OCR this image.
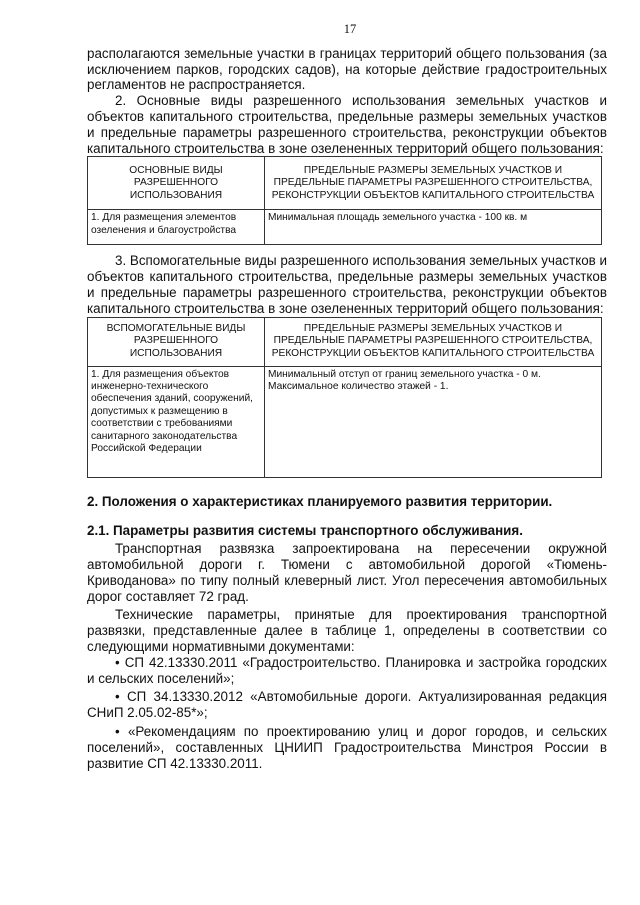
17

располагаются земельные участки в границах территорий общего пользования (за исключением парков, городских садов), на которые действие градостроительных регламентов не распространяется.

2. Основные виды разрешенного использования земельных участков и объектов капитального строительства, предельные размеры земельных участков и предельные параметры разрешенного строительства, реконструкции объектов капитального строительства в зоне озелененных территорий общего пользования:

ОСНОВНЫЕ ВИДЫ РАЗРЕШЕННОГО ИСПОЛЬЗОВАНИЯ	ПРЕДЕЛЬНЫЕ РАЗМЕРЫ ЗЕМЕЛЬНЫХ УЧАСТКОВ И ПРЕДЕЛЬНЫЕ ПАРАМЕТРЫ РАЗРЕШЕННОГО СТРОИТЕЛЬСТВА, РЕКОНСТРУКЦИИ ОБЪЕКТОВ КАПИТАЛЬНОГО СТРОИТЕЛЬСТВА
1. Для размещения элементов озеленения и благоустройства	Минимальная площадь земельного участка - 100 кв. м

3. Вспомогательные виды разрешенного использования земельных участков и объектов капитального строительства, предельные размеры земельных участков и предельные параметры разрешенного строительства, реконструкции объектов капитального строительства в зоне озелененных территорий общего пользования:

ВСПОМОГАТЕЛЬНЫЕ ВИДЫ РАЗРЕШЕННОГО ИСПОЛЬЗОВАНИЯ	ПРЕДЕЛЬНЫЕ РАЗМЕРЫ ЗЕМЕЛЬНЫХ УЧАСТКОВ И ПРЕДЕЛЬНЫЕ ПАРАМЕТРЫ РАЗРЕШЕННОГО СТРОИТЕЛЬСТВА, РЕКОНСТРУКЦИИ ОБЪЕКТОВ КАПИТАЛЬНОГО СТРОИТЕЛЬСТВА
1. Для размещения объектов инженерно-технического обеспечения зданий, сооружений, допустимых к размещению в соответствии с требованиями санитарного законодательства Российской Федерации	Минимальный отступ от границ земельного участка - 0 м.
Максимальное количество этажей - 1.

2. Положения о характеристиках планируемого развития территории.

2.1. Параметры развития системы транспортного обслуживания.

Транспортная развязка запроектирована на пересечении окружной автомобильной дороги г. Тюмени с автомобильной дорогой «Тюмень-Криводанова» по типу полный клеверный лист. Угол пересечения автомобильных дорог составляет 72 град.

Технические параметры, принятые для проектирования транспортной развязки, представленные далее в таблице 1, определены в соответствии со следующими нормативными документами:

• СП 42.13330.2011 «Градостроительство. Планировка и застройка городских и сельских поселений»;

• СП 34.13330.2012 «Автомобильные дороги. Актуализированная редакция СНиП 2.05.02-85*»;

• «Рекомендациям по проектированию улиц и дорог городов, и сельских поселений», составленных ЦНИИП Градостроительства Минстроя России в развитие СП 42.13330.2011.
